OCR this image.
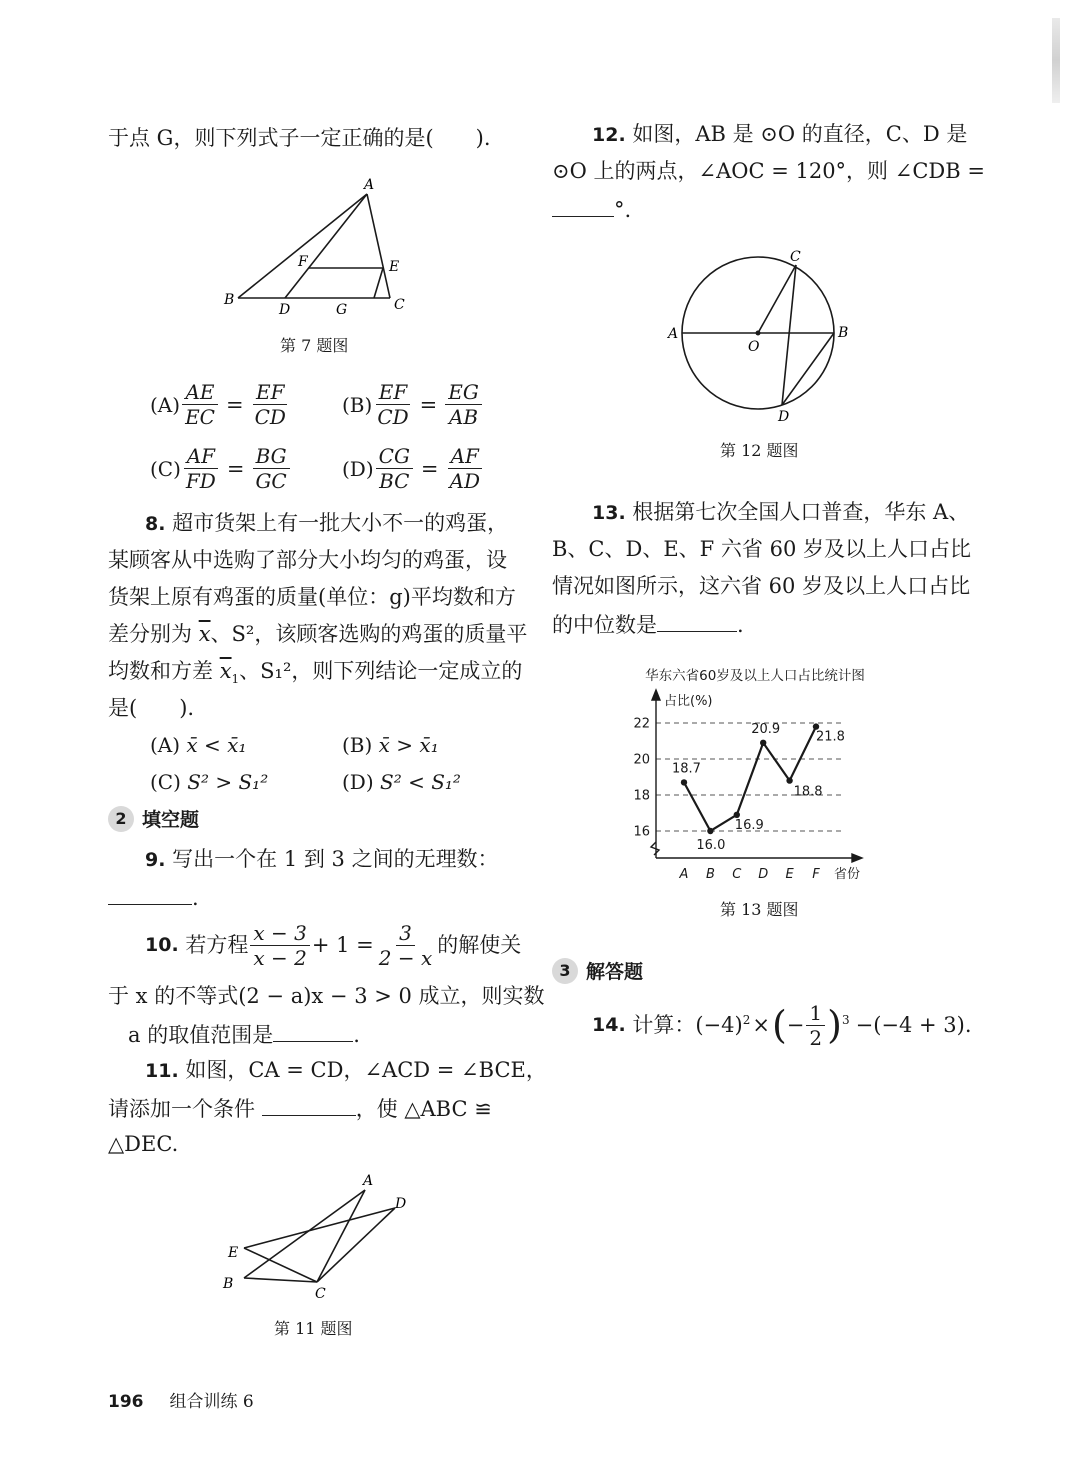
于点 G，则下列式子一定正确的是(　　).
A
B	C
D
E
F
G
第 7 题图
$(A) \frac{AE}{EC} = \frac{EF}{CD}$	$(B) \frac{EF}{CD} = \frac{EG}{AB}$
$(C) \frac{AF}{FD} = \frac{BG}{GC}$	$(D) \frac{CG}{BC} = \frac{AF}{AD}$
8. 超市货架上有一批大小不一的鸡蛋，
某顾客从中选购了部分大小均匀的鸡蛋，设
货架上原有鸡蛋的质量(单位：g)平均数和方
差分别为 $\overline{x}$、S²，该顾客选购的鸡蛋的质量平
均数和方差 $\overline{x}_1$、S₁²，则下列结论一定成立的
是(　　).
(A) x̄ < x̄₁	(B) x̄ > x̄₁
(C) S² > S₁²	(D) S² < S₁²
2 填空题
9. 写出一个在 1 到 3 之间的无理数：
.
10.
若方程 $\frac{x - 3}{x - 2} + 1 = \frac{3}{2 - x}$ 的解使关
于 x 的不等式(2 − a)x − 3 > 0 成立，则实数
a 的取值范围是	.
11. 如图，CA = CD，∠ACD = ∠BCE，
请添加一个条件	，使 △ABC ≌
△DEC.
A
B
C
D
E
第 11 题图
12. 如图，AB 是 ⊙O 的直径，C、D 是
⊙O 上的两点，∠AOC = 120°，则 ∠CDB =
°.
A	B
C
D
O
第 12 题图
13. 根据第七次全国人口普查，华东 A、
B、C、D、E、F 六省 60 岁及以上人口占比
情况如图所示，这六省 60 岁及以上人口占比
的中位数是	.
华东六省60岁及以上人口占比统计图
占比(%)
省份
16
18
20
22
A B C D E F
18.7
16.0
16.9
20.9
18.8
21.8
第 13 题图
3 解答题
14.
计算：$(-4)^2$ × ( − $\frac{1}{2} )^3 -(-4 + 3)$.
196 组合训练 6
